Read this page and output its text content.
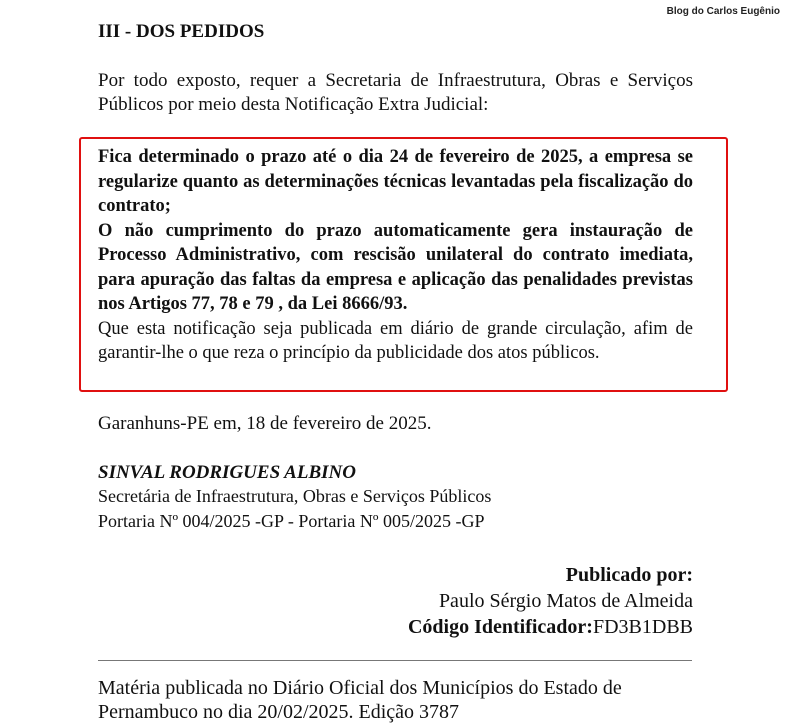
Blog do Carlos Eugênio
III - DOS PEDIDOS
Por todo exposto, requer a Secretaria de Infraestrutura, Obras e Serviços Públicos por meio desta Notificação Extra Judicial:
Fica determinado o prazo até o dia 24 de fevereiro de 2025, a empresa se regularize quanto as determinações técnicas levantadas pela fiscalização do contrato;
O não cumprimento do prazo automaticamente gera instauração de Processo Administrativo, com rescisão unilateral do contrato imediata, para apuração das faltas da empresa e aplicação das penalidades previstas nos Artigos 77, 78 e 79 , da Lei 8666/93.
Que esta notificação seja publicada em diário de grande circulação, afim de garantir-lhe o que reza o princípio da publicidade dos atos públicos.
Garanhuns-PE em, 18 de fevereiro de 2025.
SINVAL RODRIGUES ALBINO
Secretária de Infraestrutura, Obras e Serviços Públicos
Portaria Nº 004/2025 -GP - Portaria Nº 005/2025 -GP
Publicado por:
Paulo Sérgio Matos de Almeida
Código Identificador:FD3B1DBB
Matéria publicada no Diário Oficial dos Municípios do Estado de Pernambuco no dia 20/02/2025. Edição 3787
